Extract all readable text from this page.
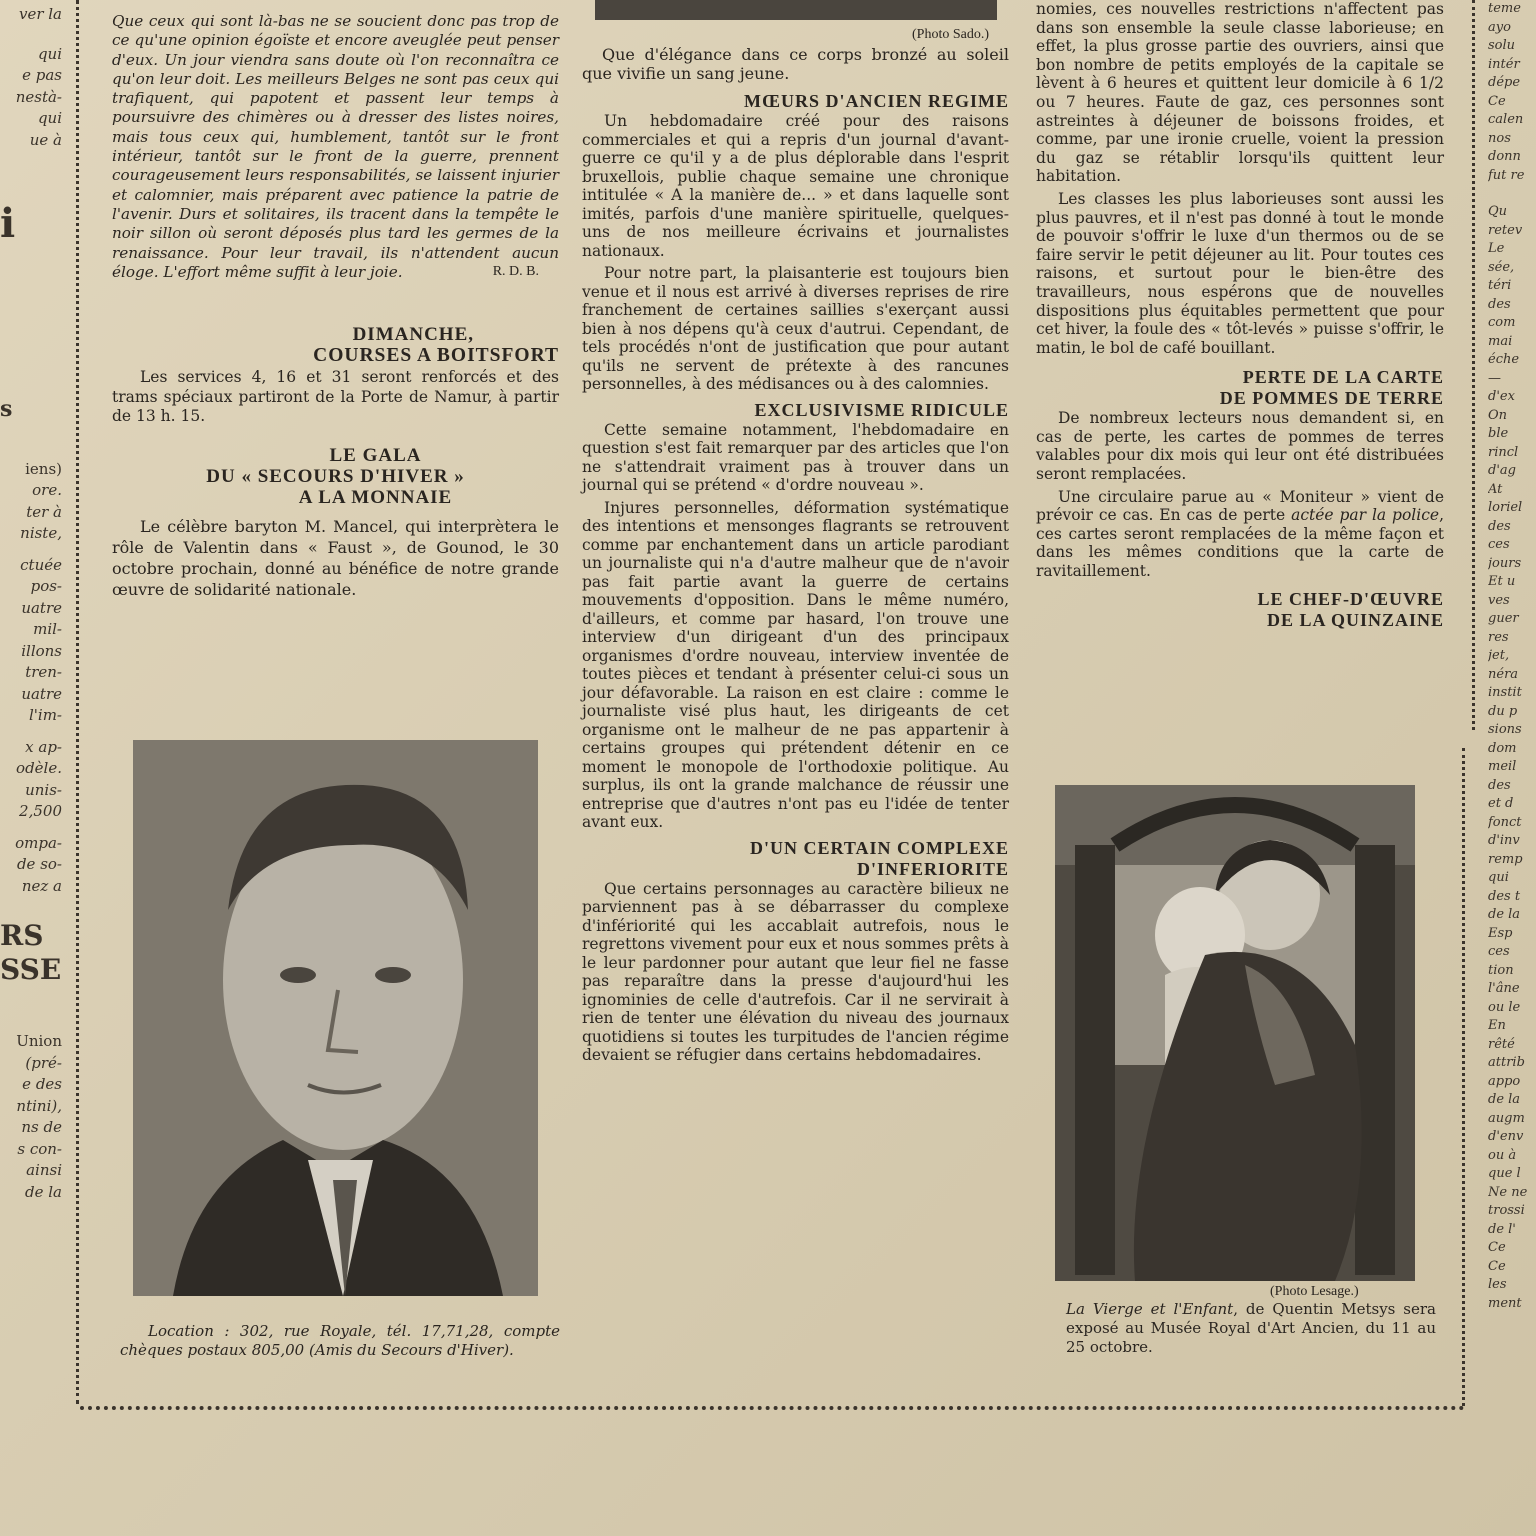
ver la
qui
e pas
nestà-
qui
ue à
i
s
iens)
ore.
ter à
niste,
ctuée
pos-
uatre
mil-
illons
tren-
uatre
l'im-
x ap-
odèle.
unis-
2,500
ompa-
de so-
nez a
RS
SSE
Union
(pré-
e des
ntini),
ns de
s con-
ainsi
de la

Que ceux qui sont là-bas ne se soucient donc pas trop de ce qu'une opinion égoïste et encore aveuglée peut penser d'eux. Un jour viendra sans doute où l'on reconnaîtra ce qu'on leur doit. Les meilleurs Belges ne sont pas ceux qui trafiquent, qui papotent et passent leur temps à poursuivre des chimères ou à dresser des listes noires, mais tous ceux qui, humblement, tantôt sur le front intérieur, tantôt sur le front de la guerre, prennent courageusement leurs responsabilités, se laissent injurier et calomnier, mais préparent avec patience la patrie de l'avenir. Durs et solitaires, ils tracent dans la tempête le noir sillon où seront déposés plus tard les germes de la renaissance. Pour leur travail, ils n'attendent aucun éloge. L'effort même suffit à leur joie.	R. D. B.
DIMANCHE,
COURSES A BOITSFORT

Les services 4, 16 et 31 seront renforcés et des trams spéciaux partiront de la Porte de Namur, à partir de 13 h. 15.

LE GALA
DU « SECOURS D'HIVER »
A LA MONNAIE

Le célèbre baryton M. Mancel, qui interprètera le rôle de Valentin dans « Faust », de Gounod, le 30 octobre prochain, donné au bénéfice de notre grande œuvre de solidarité nationale.

Location : 302, rue Royale, tél. 17,71,28, compte chèques postaux 805,00 (Amis du Secours d'Hiver).

(Photo Sado.)

Que d'élégance dans ce corps bronzé au soleil que vivifie un sang jeune.

MŒURS D'ANCIEN REGIME

Un hebdomadaire créé pour des raisons commerciales et qui a repris d'un journal d'avant-guerre ce qu'il y a de plus déplorable dans l'esprit bruxellois, publie chaque semaine une chronique intitulée « A la manière de... » et dans laquelle sont imités, parfois d'une manière spirituelle, quelques-uns de nos meilleure écrivains et journalistes nationaux.

Pour notre part, la plaisanterie est toujours bien venue et il nous est arrivé à diverses reprises de rire franchement de certaines saillies s'exerçant aussi bien à nos dépens qu'à ceux d'autrui. Cependant, de tels procédés n'ont de justification que pour autant qu'ils ne servent de prétexte à des rancunes personnelles, à des médisances ou à des calomnies.

EXCLUSIVISME RIDICULE

Cette semaine notamment, l'hebdomadaire en question s'est fait remarquer par des articles que l'on ne s'attendrait vraiment pas à trouver dans un journal qui se prétend « d'ordre nouveau ».

Injures personnelles, déformation systématique des intentions et mensonges flagrants se retrouvent comme par enchantement dans un article parodiant un journaliste qui n'a d'autre malheur que de n'avoir pas fait partie avant la guerre de certains mouvements d'opposition. Dans le même numéro, d'ailleurs, et comme par hasard, l'on trouve une interview d'un dirigeant d'un des principaux organismes d'ordre nouveau, interview inventée de toutes pièces et tendant à présenter celui-ci sous un jour défavorable. La raison en est claire : comme le journaliste visé plus haut, les dirigeants de cet organisme ont le malheur de ne pas appartenir à certains groupes qui prétendent détenir en ce moment le monopole de l'orthodoxie politique. Au surplus, ils ont la grande malchance de réussir une entreprise que d'autres n'ont pas eu l'idée de tenter avant eux.

D'UN CERTAIN COMPLEXE
D'INFERIORITE

Que certains personnages au caractère bilieux ne parviennent pas à se débarrasser du complexe d'infériorité qui les accablait autrefois, nous le regrettons vivement pour eux et nous sommes prêts à le leur pardonner pour autant que leur fiel ne fasse pas reparaître dans la presse d'aujourd'hui les ignominies de celle d'autrefois. Car il ne servirait à rien de tenter une élévation du niveau des journaux quotidiens si toutes les turpitudes de l'ancien régime devaient se réfugier dans certains hebdomadaires.

nomies, ces nouvelles restrictions n'affectent pas dans son ensemble la seule classe laborieuse; en effet, la plus grosse partie des ouvriers, ainsi que bon nombre de petits employés de la capitale se lèvent à 6 heures et quittent leur domicile à 6 1/2 ou 7 heures. Faute de gaz, ces personnes sont astreintes à déjeuner de boissons froides, et comme, par une ironie cruelle, voient la pression du gaz se rétablir lorsqu'ils quittent leur habitation.

Les classes les plus laborieuses sont aussi les plus pauvres, et il n'est pas donné à tout le monde de pouvoir s'offrir le luxe d'un thermos ou de se faire servir le petit déjeuner au lit. Pour toutes ces raisons, et surtout pour le bien-être des travailleurs, nous espérons que de nouvelles dispositions plus équitables permettent que pour cet hiver, la foule des « tôt-levés » puisse s'offrir, le matin, le bol de café bouillant.

PERTE DE LA CARTE
DE POMMES DE TERRE

De nombreux lecteurs nous demandent si, en cas de perte, les cartes de pommes de terres valables pour dix mois qui leur ont été distribuées seront remplacées.

Une circulaire parue au « Moniteur » vient de prévoir ce cas. En cas de perte actée par la police, ces cartes seront remplacées de la même façon et dans les mêmes conditions que la carte de ravitaillement.

LE CHEF-D'ŒUVRE
DE LA QUINZAINE
(Photo Lesage.)

La Vierge et l'Enfant, de Quentin Metsys sera exposé au Musée Royal d'Art Ancien, du 11 au 25 octobre.

teme
ayo
solu
intér
dépe
Ce
calen
nos
donn
fut re
Qu
retev
Le
sée,
téri
des
com
mai
éche
—
d'ex
On
ble
rincl
d'ag
At
loriel
des
ces
jours
Et u
ves
guer
res
jet,
néra
instit
du p
sions
dom
meil
des
et d
fonct
d'inv
remp
qui
des t
de la
Esp
ces
tion
l'âne
ou le
En
rêté
attrib
appo
de la
augm
d'env
ou à
que l
Ne ne
trossi
de l'
Ce
Ce
les
ment
